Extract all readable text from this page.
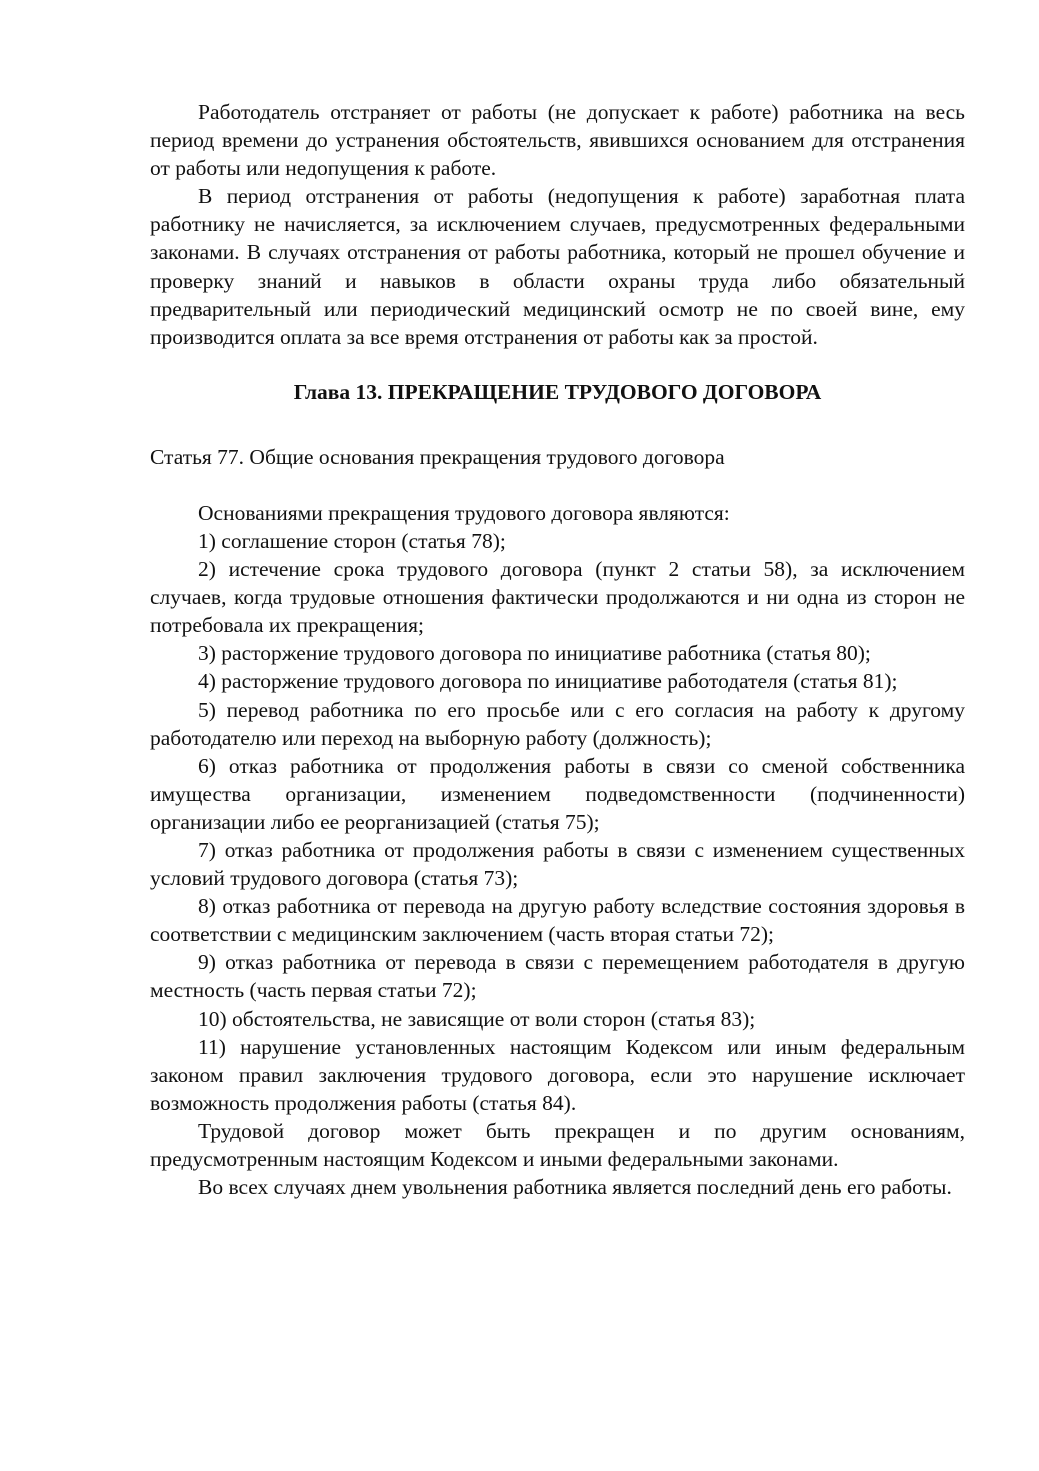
Работодатель отстраняет от работы (не допускает к работе) работника на весь период времени до устранения обстоятельств, явившихся основанием для отстранения от работы или недопущения к работе.

В период отстранения от работы (недопущения к работе) заработная плата работнику не начисляется, за исключением случаев, предусмотренных федеральными законами. В случаях отстранения от работы работника, который не прошел обучение и проверку знаний и навыков в области охраны труда либо обязательный предварительный или периодический медицинский осмотр не по своей вине, ему производится оплата за все время отстранения от работы как за простой.

Глава 13. ПРЕКРАЩЕНИЕ ТРУДОВОГО ДОГОВОРА

Статья 77. Общие основания прекращения трудового договора

Основаниями прекращения трудового договора являются:

1) соглашение сторон (статья 78);

2) истечение срока трудового договора (пункт 2 статьи 58), за исключением случаев, когда трудовые отношения фактически продолжаются и ни одна из сторон не потребовала их прекращения;

3) расторжение трудового договора по инициативе работника (статья 80);

4) расторжение трудового договора по инициативе работодателя (статья 81);

5) перевод работника по его просьбе или с его согласия на работу к другому работодателю или переход на выборную работу (должность);

6) отказ работника от продолжения работы в связи со сменой собственника имущества организации, изменением подведомственности (подчиненности) организации либо ее реорганизацией (статья 75);

7) отказ работника от продолжения работы в связи с изменением существенных условий трудового договора (статья 73);

8) отказ работника от перевода на другую работу вследствие состояния здоровья в соответствии с медицинским заключением (часть вторая статьи 72);

9) отказ работника от перевода в связи с перемещением работодателя в другую местность (часть первая статьи 72);

10) обстоятельства, не зависящие от воли сторон (статья 83);

11) нарушение установленных настоящим Кодексом или иным федеральным законом правил заключения трудового договора, если это нарушение исключает возможность продолжения работы (статья 84).

Трудовой договор может быть прекращен и по другим основаниям, предусмотренным настоящим Кодексом и иными федеральными законами.

Во всех случаях днем увольнения работника является последний день его работы.
